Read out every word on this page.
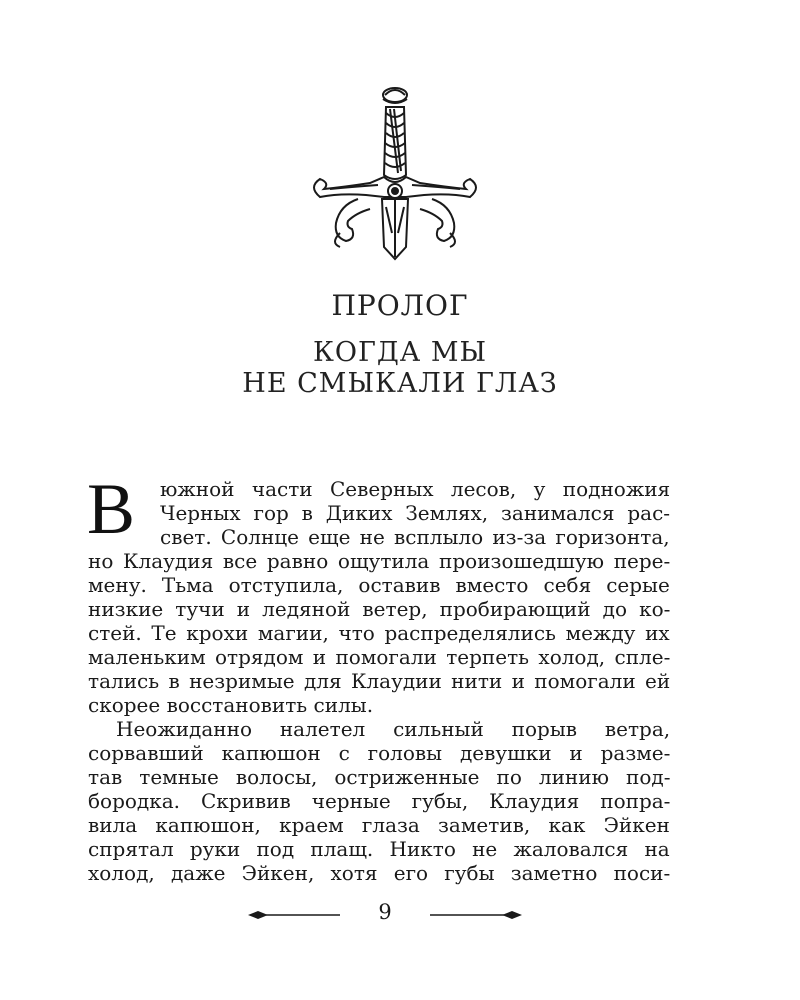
ПРОЛОГ
КОГДА МЫ
НЕ СМЫКАЛИ ГЛАЗ
В южной части Северных лесов, у подножия
Черных гор в Диких Землях, занимался рас-
свет. Солнце еще не всплыло из-за горизонта,
но Клаудия все равно ощутила произошедшую пере-
мену. Тьма отступила, оставив вместо себя серые
низкие тучи и ледяной ветер, пробирающий до ко-
стей. Те крохи магии, что распределялись между их
маленьким отрядом и помогали терпеть холод, спле-
тались в незримые для Клаудии нити и помогали ей
скорее восстановить силы.
Неожиданно налетел сильный порыв ветра,
сорвавший капюшон с головы девушки и разме-
тав темные волосы, остриженные по линию под-
бородка. Скривив черные губы, Клаудия попра-
вила капюшон, краем глаза заметив, как Эйкен
спрятал руки под плащ. Никто не жаловался на
холод, даже Эйкен, хотя его губы заметно поси-
9
